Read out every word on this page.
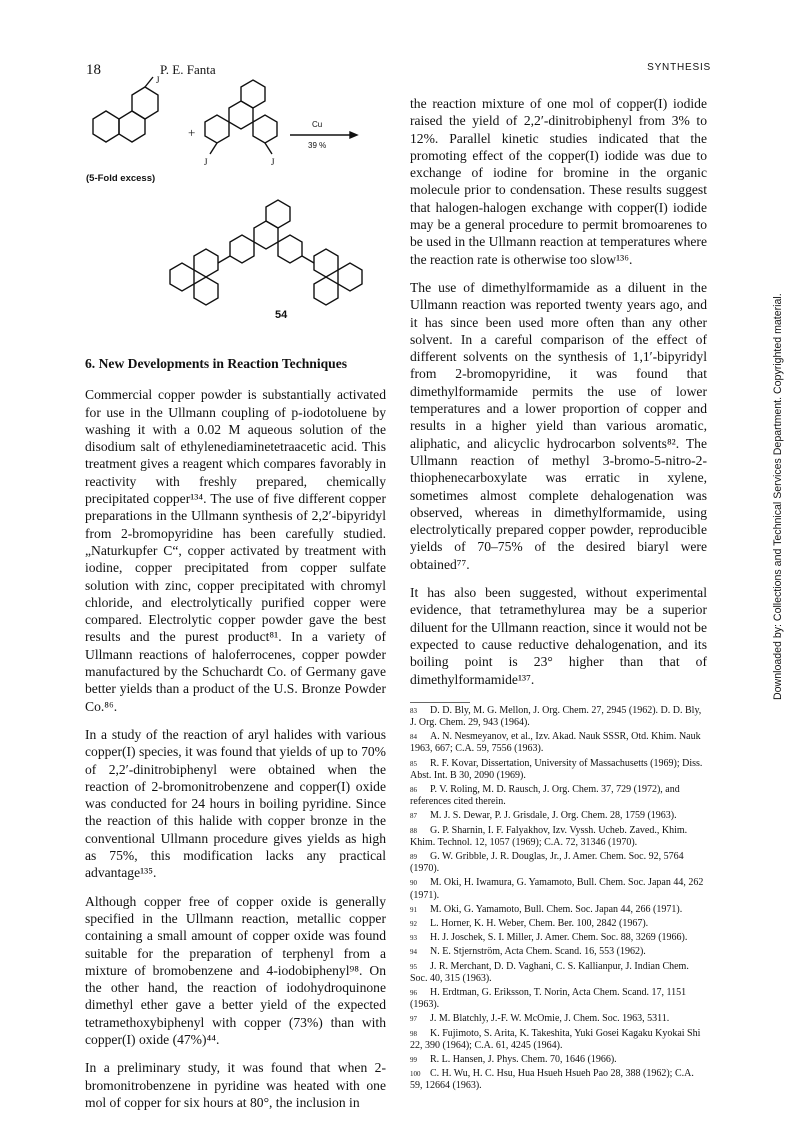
18	P. E. Fanta	SYNTHESIS
Downloaded by: Collections and Technical Services Department. Copyrighted material.
J
+
J	J
Cu
39 %
(5-Fold excess)
54
6. New Developments in Reaction Techniques

Commercial copper powder is substantially activated for use in the Ullmann coupling of p-iodotoluene by washing it with a 0.02 M aqueous solution of the disodium salt of ethylenediaminetetraacetic acid. This treatment gives a reagent which compares favorably in reactivity with freshly prepared, chemically precipitated copper¹³⁴. The use of five different copper preparations in the Ullmann synthesis of 2,2′-bipyridyl from 2-bromopyridine has been carefully studied. „Naturkupfer C“, copper activated by treatment with iodine, copper precipitated from copper sulfate solution with zinc, copper precipitated with chromyl chloride, and electrolytically purified copper were compared. Electrolytic copper powder gave the best results and the purest product⁸¹. In a variety of Ullmann reactions of haloferrocenes, copper powder manufactured by the Schuchardt Co. of Germany gave better yields than a product of the U.S. Bronze Powder Co.⁸⁶.

In a study of the reaction of aryl halides with various copper(I) species, it was found that yields of up to 70% of 2,2′-dinitrobiphenyl were obtained when the reaction of 2-bromonitrobenzene and copper(I) oxide was conducted for 24 hours in boiling pyridine. Since the reaction of this halide with copper bronze in the conventional Ullmann procedure gives yields as high as 75%, this modification lacks any practical advantage¹³⁵.

Although copper free of copper oxide is generally specified in the Ullmann reaction, metallic copper containing a small amount of copper oxide was found suitable for the preparation of terphenyl from a mixture of bromobenzene and 4-iodobiphenyl⁹⁸. On the other hand, the reaction of iodohydroquinone dimethyl ether gave a better yield of the expected tetramethoxybiphenyl with copper (73%) than with copper(I) oxide (47%)⁴⁴.

In a preliminary study, it was found that when 2-bromonitrobenzene in pyridine was heated with one mol of copper for six hours at 80°, the inclusion in

the reaction mixture of one mol of copper(I) iodide raised the yield of 2,2′-dinitrobiphenyl from 3% to 12%. Parallel kinetic studies indicated that the promoting effect of the copper(I) iodide was due to exchange of iodine for bromine in the organic molecule prior to condensation. These results suggest that halogen-halogen exchange with copper(I) iodide may be a general procedure to permit bromoarenes to be used in the Ullmann reaction at temperatures where the reaction rate is otherwise too slow¹³⁶.

The use of dimethylformamide as a diluent in the Ullmann reaction was reported twenty years ago, and it has since been used more often than any other solvent. In a careful comparison of the effect of different solvents on the synthesis of 1,1′-bipyridyl from 2-bromopyridine, it was found that dimethylformamide permits the use of lower temperatures and a lower proportion of copper and results in a higher yield than various aromatic, aliphatic, and alicyclic hydrocarbon solvents⁸². The Ullmann reaction of methyl 3-bromo-5-nitro-2-thiophenecarboxylate was erratic in xylene, sometimes almost complete dehalogenation was observed, whereas in dimethylformamide, using electrolytically prepared copper powder, reproducible yields of 70–75% of the desired biaryl were obtained⁷⁷.

It has also been suggested, without experimental evidence, that tetramethylurea may be a superior diluent for the Ullmann reaction, since it would not be expected to cause reductive dehalogenation, and its boiling point is 23° higher than that of dimethylformamide¹³⁷.

83 D. D. Bly, M. G. Mellon, J. Org. Chem. 27, 2945 (1962). D. D. Bly, J. Org. Chem. 29, 943 (1964).
84 A. N. Nesmeyanov, et al., Izv. Akad. Nauk SSSR, Otd. Khim. Nauk 1963, 667; C.A. 59, 7556 (1963).
85 R. F. Kovar, Dissertation, University of Massachusetts (1969); Diss. Abst. Int. B 30, 2090 (1969).
86 P. V. Roling, M. D. Rausch, J. Org. Chem. 37, 729 (1972), and references cited therein.
87 M. J. S. Dewar, P. J. Grisdale, J. Org. Chem. 28, 1759 (1963).
88 G. P. Sharnin, I. F. Falyakhov, Izv. Vyssh. Ucheb. Zaved., Khim. Khim. Technol. 12, 1057 (1969); C.A. 72, 31346 (1970).
89 G. W. Gribble, J. R. Douglas, Jr., J. Amer. Chem. Soc. 92, 5764 (1970).
90 M. Oki, H. Iwamura, G. Yamamoto, Bull. Chem. Soc. Japan 44, 262 (1971).
91 M. Oki, G. Yamamoto, Bull. Chem. Soc. Japan 44, 266 (1971).
92 L. Horner, K. H. Weber, Chem. Ber. 100, 2842 (1967).
93 H. J. Joschek, S. I. Miller, J. Amer. Chem. Soc. 88, 3269 (1966).
94 N. E. Stjernström, Acta Chem. Scand. 16, 553 (1962).
95 J. R. Merchant, D. D. Vaghani, C. S. Kallianpur, J. Indian Chem. Soc. 40, 315 (1963).
96 H. Erdtman, G. Eriksson, T. Norin, Acta Chem. Scand. 17, 1151 (1963).
97 J. M. Blatchly, J.-F. W. McOmie, J. Chem. Soc. 1963, 5311.
98 K. Fujimoto, S. Arita, K. Takeshita, Yuki Gosei Kagaku Kyokai Shi 22, 390 (1964); C.A. 61, 4245 (1964).
99 R. L. Hansen, J. Phys. Chem. 70, 1646 (1966).
100 C. H. Wu, H. C. Hsu, Hua Hsueh Hsueh Pao 28, 388 (1962); C.A. 59, 12664 (1963).
